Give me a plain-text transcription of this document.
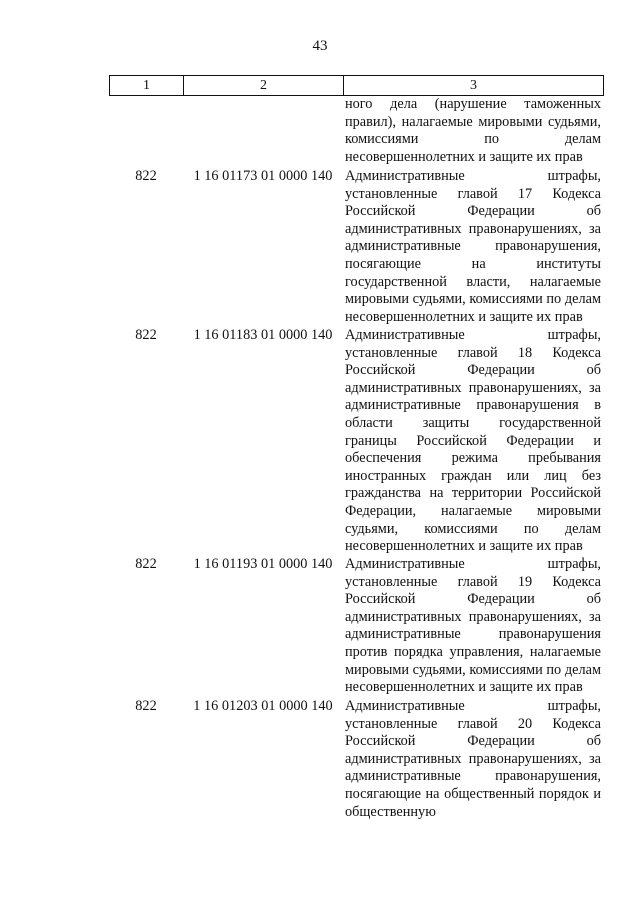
43
1	2	3
ного дела (нарушение таможенных правил), налагаемые мировыми судьями, комиссиями по делам несовершеннолетних и защите их прав
822	1 16 01173 01 0000 140 Административные штрафы, установленные главой 17 Кодекса Российской Федерации об административных правонарушениях, за административные правонарушения, посягающие на институты государственной власти, налагаемые мировыми судьями, комиссиями по делам несовершеннолетних и защите их прав
822	1 16 01183 01 0000 140 Административные штрафы, установленные главой 18 Кодекса Российской Федерации об административных правонарушениях, за административные правонарушения в области защиты государственной границы Российской Федерации и обеспечения режима пребывания иностранных граждан или лиц без гражданства на территории Российской Федерации, налагаемые мировыми судьями, комиссиями по делам несовершеннолетних и защите их прав
822	1 16 01193 01 0000 140 Административные штрафы, установленные главой 19 Кодекса Российской Федерации об административных правонарушениях, за административные правонарушения против порядка управления, налагаемые мировыми судьями, комиссиями по делам несовершеннолетних и защите их прав
822	1 16 01203 01 0000 140 Административные штрафы, установленные главой 20 Кодекса Российской Федерации об административных правонарушениях, за административные правонарушения, посягающие на общественный порядок и общественную
